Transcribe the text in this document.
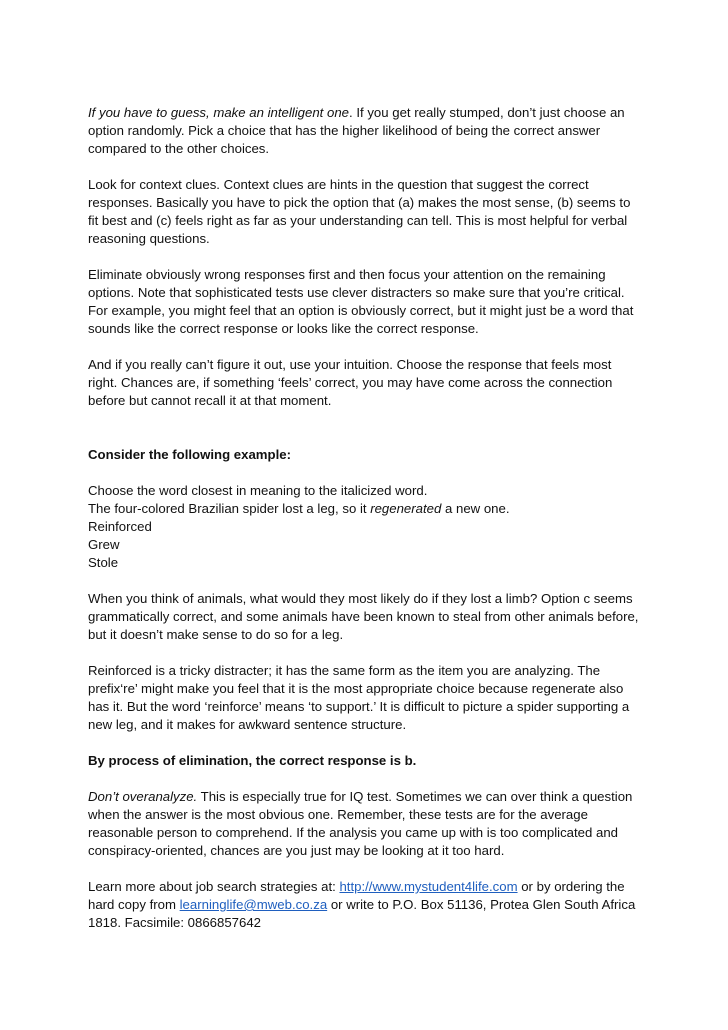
If you have to guess, make an intelligent one. If you get really stumped, don’t just choose an option randomly. Pick a choice that has the higher likelihood of being the correct answer compared to the other choices.

Look for context clues. Context clues are hints in the question that suggest the correct responses. Basically you have to pick the option that (a) makes the most sense, (b) seems to fit best and (c) feels right as far as your understanding can tell. This is most helpful for verbal reasoning questions.

Eliminate obviously wrong responses first and then focus your attention on the remaining options. Note that sophisticated tests use clever distracters so make sure that you’re critical. For example, you might feel that an option is obviously correct, but it might just be a word that sounds like the correct response or looks like the correct response.

And if you really can’t figure it out, use your intuition. Choose the response that feels most right. Chances are, if something ‘feels’ correct, you may have come across the connection before but cannot recall it at that moment.

Consider the following example:

Choose the word closest in meaning to the italicized word.
The four-colored Brazilian spider lost a leg, so it regenerated a new one.
Reinforced
Grew
Stole

When you think of animals, what would they most likely do if they lost a limb? Option c seems grammatically correct, and some animals have been known to steal from other animals before, but it doesn’t make sense to do so for a leg.

Reinforced is a tricky distracter; it has the same form as the item you are analyzing. The prefix‘re’ might make you feel that it is the most appropriate choice because regenerate also has it. But the word ‘reinforce’ means ‘to support.’ It is difficult to picture a spider supporting a new leg, and it makes for awkward sentence structure.

By process of elimination, the correct response is b.

Don’t overanalyze. This is especially true for IQ test. Sometimes we can over think a question when the answer is the most obvious one. Remember, these tests are for the average reasonable person to comprehend. If the analysis you came up with is too complicated and conspiracy-oriented, chances are you just may be looking at it too hard.

Learn more about job search strategies at: http://www.mystudent4life.com or by ordering the hard copy from learninglife@mweb.co.za or write to P.O. Box 51136, Protea Glen South Africa 1818. Facsimile: 0866857642
